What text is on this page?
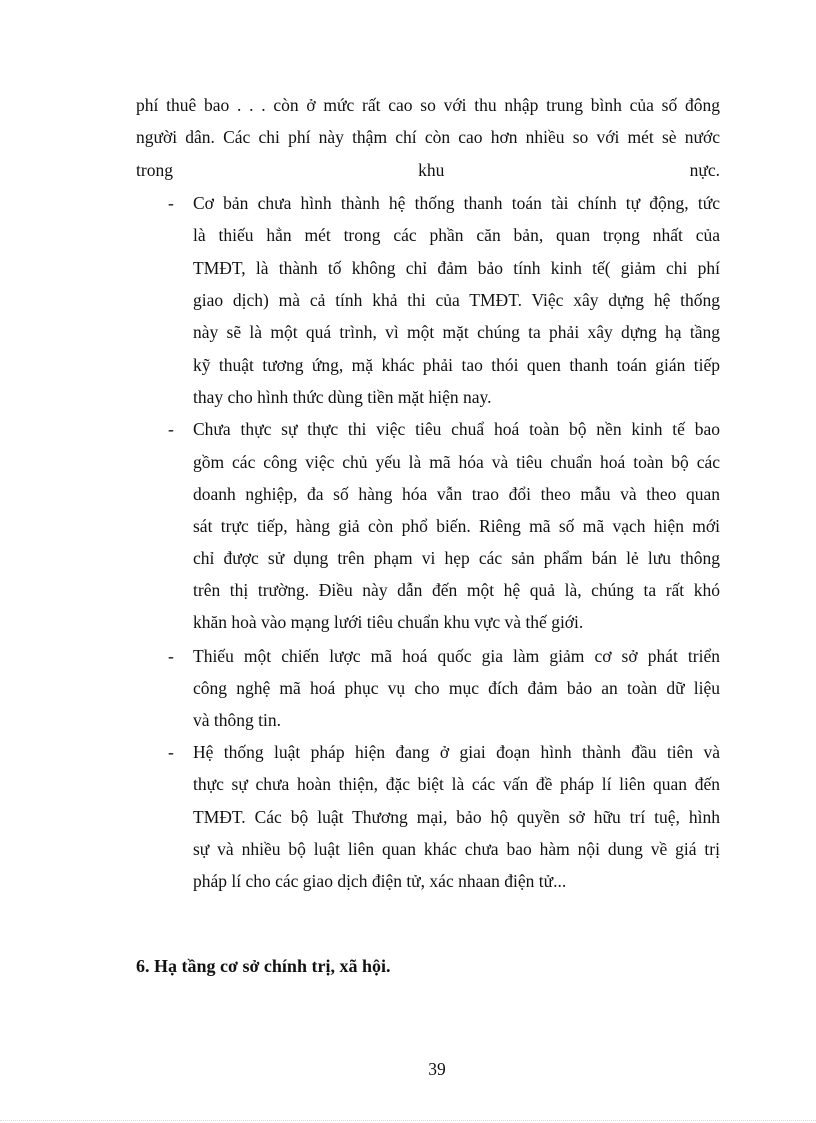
phí thuê bao . . . còn ở mức rất cao so với thu nhập trung bình của số đông
người dân. Các chi phí này thậm chí còn cao hơn nhiều so với mét sè nước
trong khu nực.
- Cơ bản chưa hình thành hệ thống thanh toán tài chính tự động, tức
là thiếu hẳn mét trong các phần căn bản, quan trọng nhất của
TMĐT, là thành tố không chỉ đảm bảo tính kinh tế( giảm chi phí
giao dịch) mà cả tính khả thi của TMĐT. Việc xây dựng hệ thống
này sẽ là một quá trình, vì một mặt chúng ta phải xây dựng hạ tầng
kỹ thuật tương ứng, mặ khác phải tao thói quen thanh toán gián tiếp
thay cho hình thức dùng tiền mặt hiện nay.
- Chưa thực sự thực thi việc tiêu chuẩ hoá toàn bộ nền kinh tế bao
gồm các công việc chủ yếu là mã hóa và tiêu chuẩn hoá toàn bộ các
doanh nghiệp, đa số hàng hóa vẫn trao đổi theo mẫu và theo quan
sát trực tiếp, hàng giả còn phổ biến. Riêng mã số mã vạch hiện mới
chỉ được sử dụng trên phạm vi hẹp các sản phẩm bán lẻ lưu thông
trên thị trường. Điều này dẫn đến một hệ quả là, chúng ta rất khó
khăn hoà vào mạng lưới tiêu chuẩn khu vực và thế giới.
- Thiếu một chiến lược mã hoá quốc gia làm giảm cơ sở phát triển
công nghệ mã hoá phục vụ cho mục đích đảm bảo an toàn dữ liệu
và thông tin.
- Hệ thống luật pháp hiện đang ở giai đoạn hình thành đầu tiên và
thực sự chưa hoàn thiện, đặc biệt là các vấn đề pháp lí liên quan đến
TMĐT. Các bộ luật Thương mại, bảo hộ quyền sở hữu trí tuệ, hình
sự và nhiều bộ luật liên quan khác chưa bao hàm nội dung về giá trị
pháp lí cho các giao dịch điện tử, xác nhaan điện tử...
6. Hạ tầng cơ sở chính trị, xã hội.
39
